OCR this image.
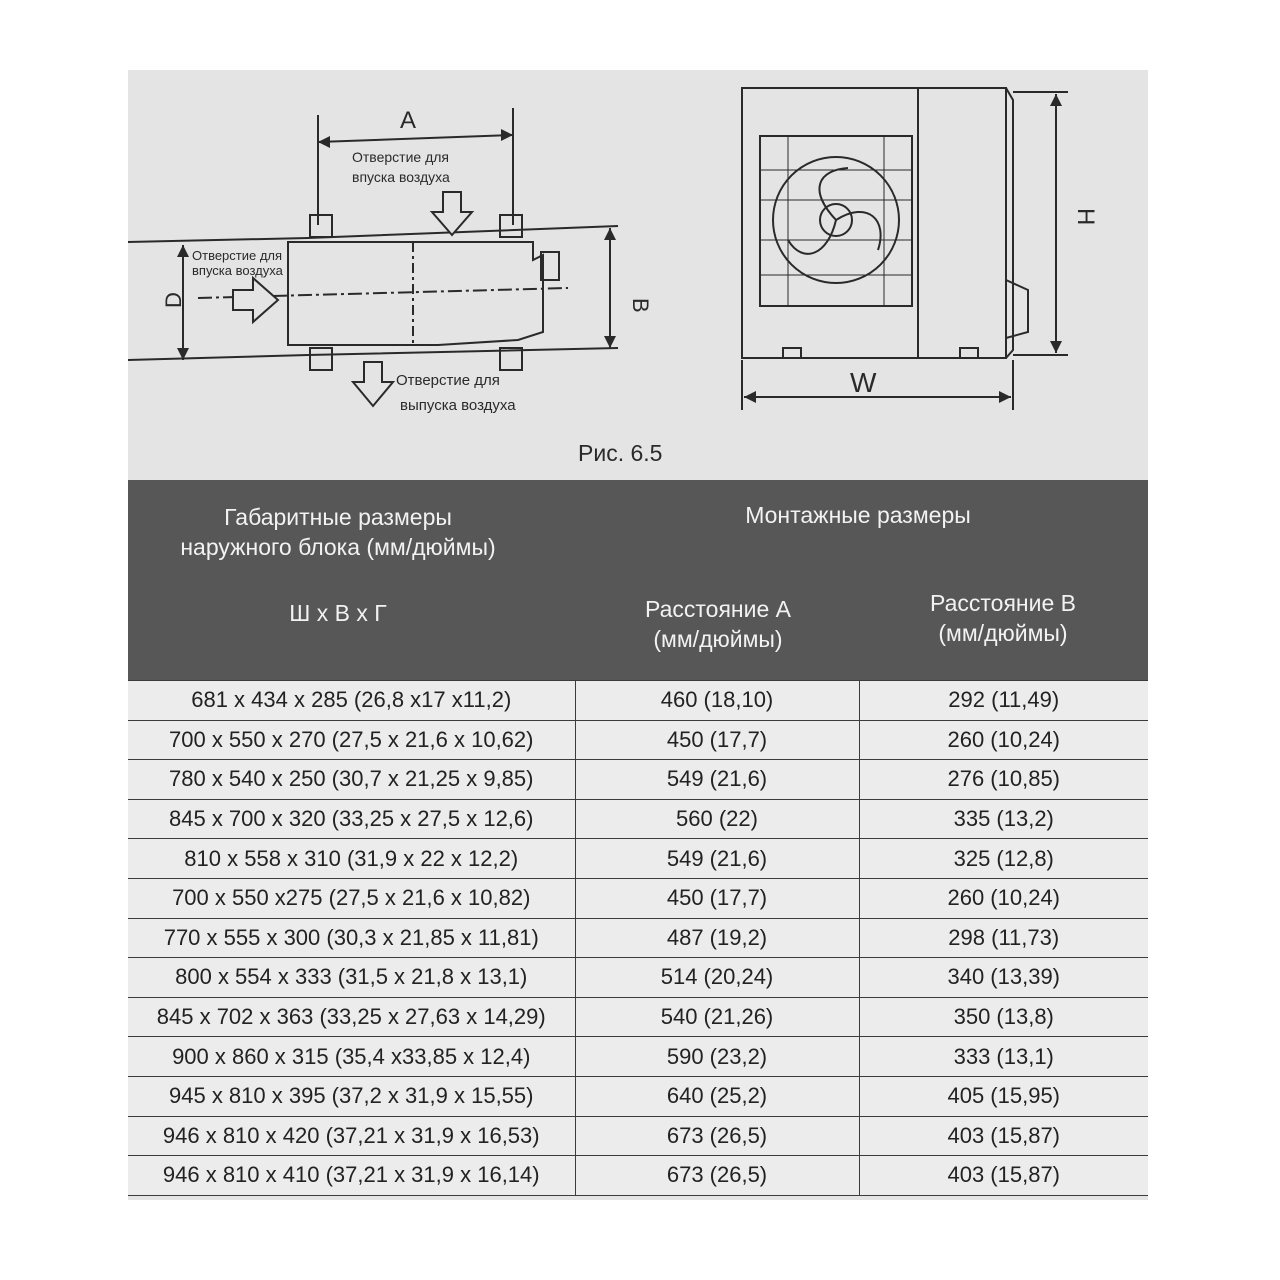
A
Отверстие для
впуска воздуха
Отверстие для
впуска воздуха
Отверстие для
выпуска воздуха
D	B
H
W
Рис. 6.5
Габаритные размеры
наружного блока (мм/дюймы)
Ш х В х Г
Монтажные размеры
Расстояние А
(мм/дюймы)
Расстояние В
(мм/дюймы)
681 x 434 x 285 (26,8 x17 x11,2)	460 (18,10)	292 (11,49)
700 x 550 x 270 (27,5 x 21,6 x 10,62)	450 (17,7)	260 (10,24)
780 x 540 x 250 (30,7 x 21,25 x 9,85)	549 (21,6)	276 (10,85)
845 x 700 x 320 (33,25 x 27,5 x 12,6)	560 (22)	335 (13,2)
810 x 558 x 310 (31,9 x 22 x 12,2)	549 (21,6)	325 (12,8)
700 x 550 x275 (27,5 x 21,6 x 10,82)	450 (17,7)	260 (10,24)
770 x 555 x 300 (30,3 x 21,85 x 11,81)	487 (19,2)	298 (11,73)
800 x 554 x 333 (31,5 x 21,8 x 13,1)	514 (20,24)	340 (13,39)
845 x 702 x 363 (33,25 x 27,63 x 14,29)	540 (21,26)	350 (13,8)
900 x 860 x 315 (35,4 x33,85 x 12,4)	590 (23,2)	333 (13,1)
945 x 810 x 395 (37,2 x 31,9 x 15,55)	640 (25,2)	405 (15,95)
946 x 810 x 420 (37,21 x 31,9 x 16,53)	673 (26,5)	403 (15,87)
946 x 810 x 410 (37,21 x 31,9 x 16,14)	673 (26,5)	403 (15,87)
